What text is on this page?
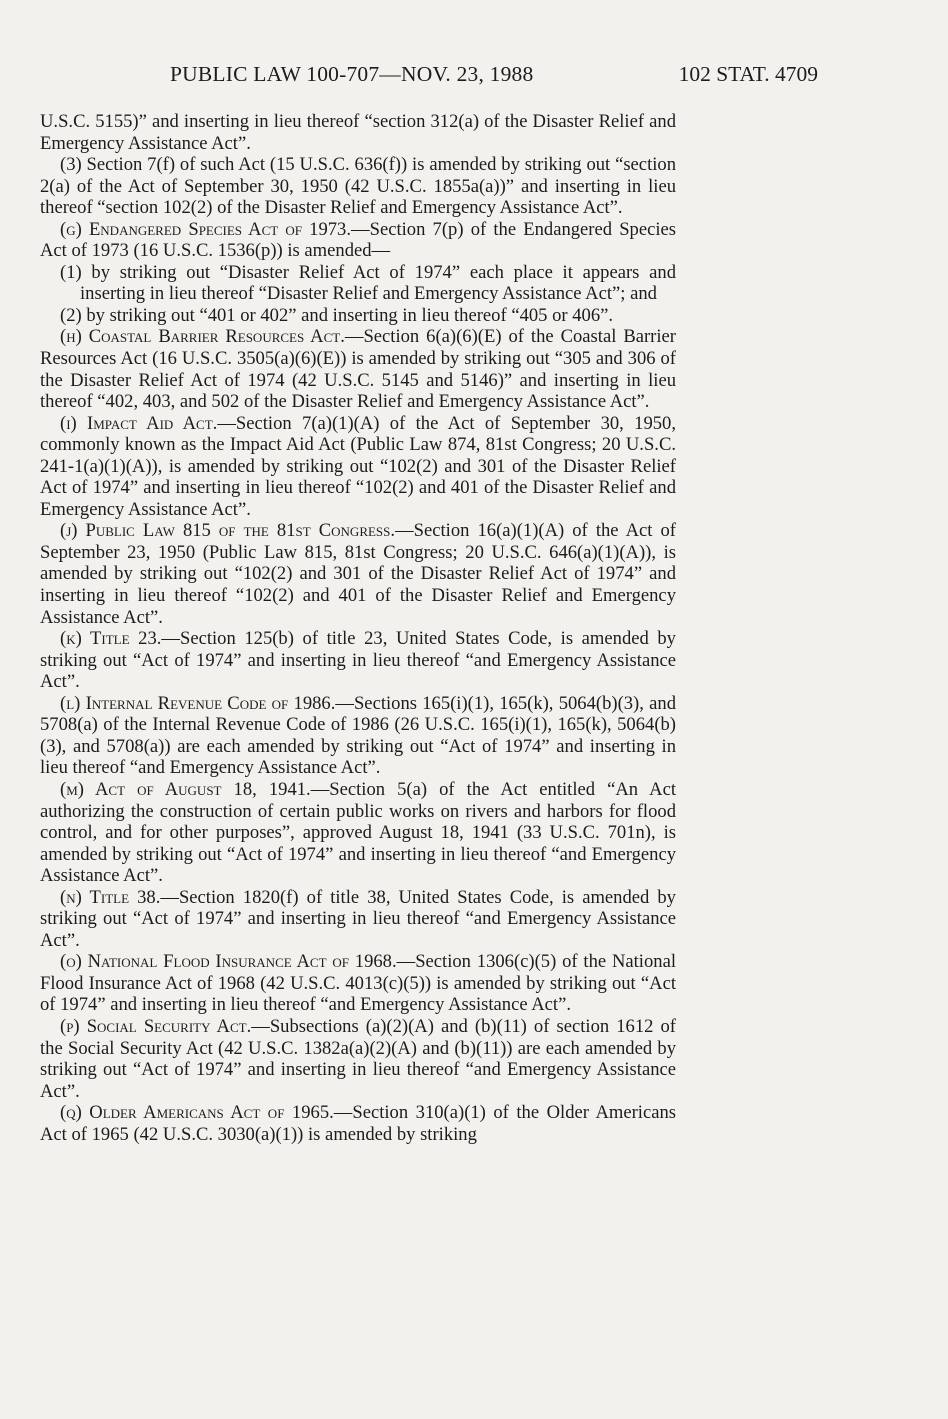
PUBLIC LAW 100-707—NOV. 23, 1988	102 STAT. 4709

U.S.C. 5155)” and inserting in lieu thereof “section 312(a) of the Disaster Relief and Emergency Assistance Act”.

(3) Section 7(f) of such Act (15 U.S.C. 636(f)) is amended by striking out “section 2(a) of the Act of September 30, 1950 (42 U.S.C. 1855a(a))” and inserting in lieu thereof “section 102(2) of the Disaster Relief and Emergency Assistance Act”.

(g) Endangered Species Act of 1973.—Section 7(p) of the Endangered Species Act of 1973 (16 U.S.C. 1536(p)) is amended—

(1) by striking out “Disaster Relief Act of 1974” each place it appears and inserting in lieu thereof “Disaster Relief and Emergency Assistance Act”; and

(2) by striking out “401 or 402” and inserting in lieu thereof “405 or 406”.

(h) Coastal Barrier Resources Act.—Section 6(a)(6)(E) of the Coastal Barrier Resources Act (16 U.S.C. 3505(a)(6)(E)) is amended by striking out “305 and 306 of the Disaster Relief Act of 1974 (42 U.S.C. 5145 and 5146)” and inserting in lieu thereof “402, 403, and 502 of the Disaster Relief and Emergency Assistance Act”.

(i) Impact Aid Act.—Section 7(a)(1)(A) of the Act of September 30, 1950, commonly known as the Impact Aid Act (Public Law 874, 81st Congress; 20 U.S.C. 241-1(a)(1)(A)), is amended by striking out “102(2) and 301 of the Disaster Relief Act of 1974” and inserting in lieu thereof “102(2) and 401 of the Disaster Relief and Emergency Assistance Act”.

(j) Public Law 815 of the 81st Congress.—Section 16(a)(1)(A) of the Act of September 23, 1950 (Public Law 815, 81st Congress; 20 U.S.C. 646(a)(1)(A)), is amended by striking out “102(2) and 301 of the Disaster Relief Act of 1974” and inserting in lieu thereof “102(2) and 401 of the Disaster Relief and Emergency Assistance Act”.

(k) Title 23.—Section 125(b) of title 23, United States Code, is amended by striking out “Act of 1974” and inserting in lieu thereof “and Emergency Assistance Act”.

(l) Internal Revenue Code of 1986.—Sections 165(i)(1), 165(k), 5064(b)(3), and 5708(a) of the Internal Revenue Code of 1986 (26 U.S.C. 165(i)(1), 165(k), 5064(b)(3), and 5708(a)) are each amended by striking out “Act of 1974” and inserting in lieu thereof “and Emergency Assistance Act”.

(m) Act of August 18, 1941.—Section 5(a) of the Act entitled “An Act authorizing the construction of certain public works on rivers and harbors for flood control, and for other purposes”, approved August 18, 1941 (33 U.S.C. 701n), is amended by striking out “Act of 1974” and inserting in lieu thereof “and Emergency Assistance Act”.

(n) Title 38.—Section 1820(f) of title 38, United States Code, is amended by striking out “Act of 1974” and inserting in lieu thereof “and Emergency Assistance Act”.

(o) National Flood Insurance Act of 1968.—Section 1306(c)(5) of the National Flood Insurance Act of 1968 (42 U.S.C. 4013(c)(5)) is amended by striking out “Act of 1974” and inserting in lieu thereof “and Emergency Assistance Act”.

(p) Social Security Act.—Subsections (a)(2)(A) and (b)(11) of section 1612 of the Social Security Act (42 U.S.C. 1382a(a)(2)(A) and (b)(11)) are each amended by striking out “Act of 1974” and inserting in lieu thereof “and Emergency Assistance Act”.

(q) Older Americans Act of 1965.—Section 310(a)(1) of the Older Americans Act of 1965 (42 U.S.C. 3030(a)(1)) is amended by striking
